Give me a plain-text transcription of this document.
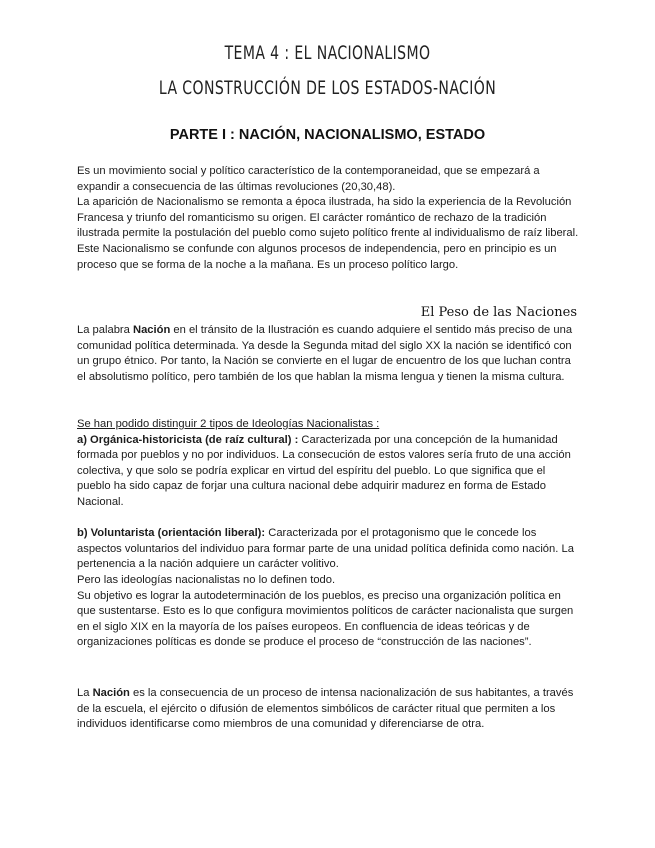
TEMA 4 : EL NACIONALISMO
LA CONSTRUCCIÓN DE LOS ESTADOS-NACIÓN
PARTE I : NACIÓN, NACIONALISMO, ESTADO

Es un movimiento social y político característico de la contemporaneidad, que se empezará a expandir a consecuencia de las últimas revoluciones (20,30,48).

La aparición de Nacionalismo se remonta a época ilustrada, ha sido la experiencia de la Revolución Francesa y triunfo del romanticismo su origen. El carácter romántico de rechazo de la tradición ilustrada permite la postulación del pueblo como sujeto político frente al individualismo de raíz liberal.

Este Nacionalismo se confunde con algunos procesos de independencia, pero en principio es un proceso que se forma de la noche a la mañana. Es un proceso político largo.

El Peso de las Naciones

La palabra Nación en el tránsito de la Ilustración es cuando adquiere el sentido más preciso de una comunidad política determinada. Ya desde la Segunda mitad del siglo XX la nación se identificó con un grupo étnico. Por tanto, la Nación se convierte en el lugar de encuentro de los que luchan contra el absolutismo político, pero también de los que hablan la misma lengua y tienen la misma cultura.

Se han podido distinguir 2 tipos de Ideologías Nacionalistas :

a) Orgánica-historicista (de raíz cultural) : Caracterizada por una concepción de la humanidad formada por pueblos y no por individuos. La consecución de estos valores sería fruto de una acción colectiva, y que solo se podría explicar en virtud del espíritu del pueblo. Lo que significa que el pueblo ha sido capaz de forjar una cultura nacional debe adquirir madurez en forma de Estado Nacional.

b) Voluntarista (orientación liberal): Caracterizada por el protagonismo que le concede los aspectos voluntarios del individuo para formar parte de una unidad política definida como nación. La pertenencia a la nación adquiere un carácter volitivo.

Pero las ideologías nacionalistas no lo definen todo.

Su objetivo es lograr la autodeterminación de los pueblos, es preciso una organización política en que sustentarse. Esto es lo que configura movimientos políticos de carácter nacionalista que surgen en el siglo XIX en la mayoría de los países europeos. En confluencia de ideas teóricas y de organizaciones políticas es donde se produce el proceso de “construcción de las naciones”.

La Nación es la consecuencia de un proceso de intensa nacionalización de sus habitantes, a través de la escuela, el ejército o difusión de elementos simbólicos de carácter ritual que permiten a los individuos identificarse como miembros de una comunidad y diferenciarse de otra.
